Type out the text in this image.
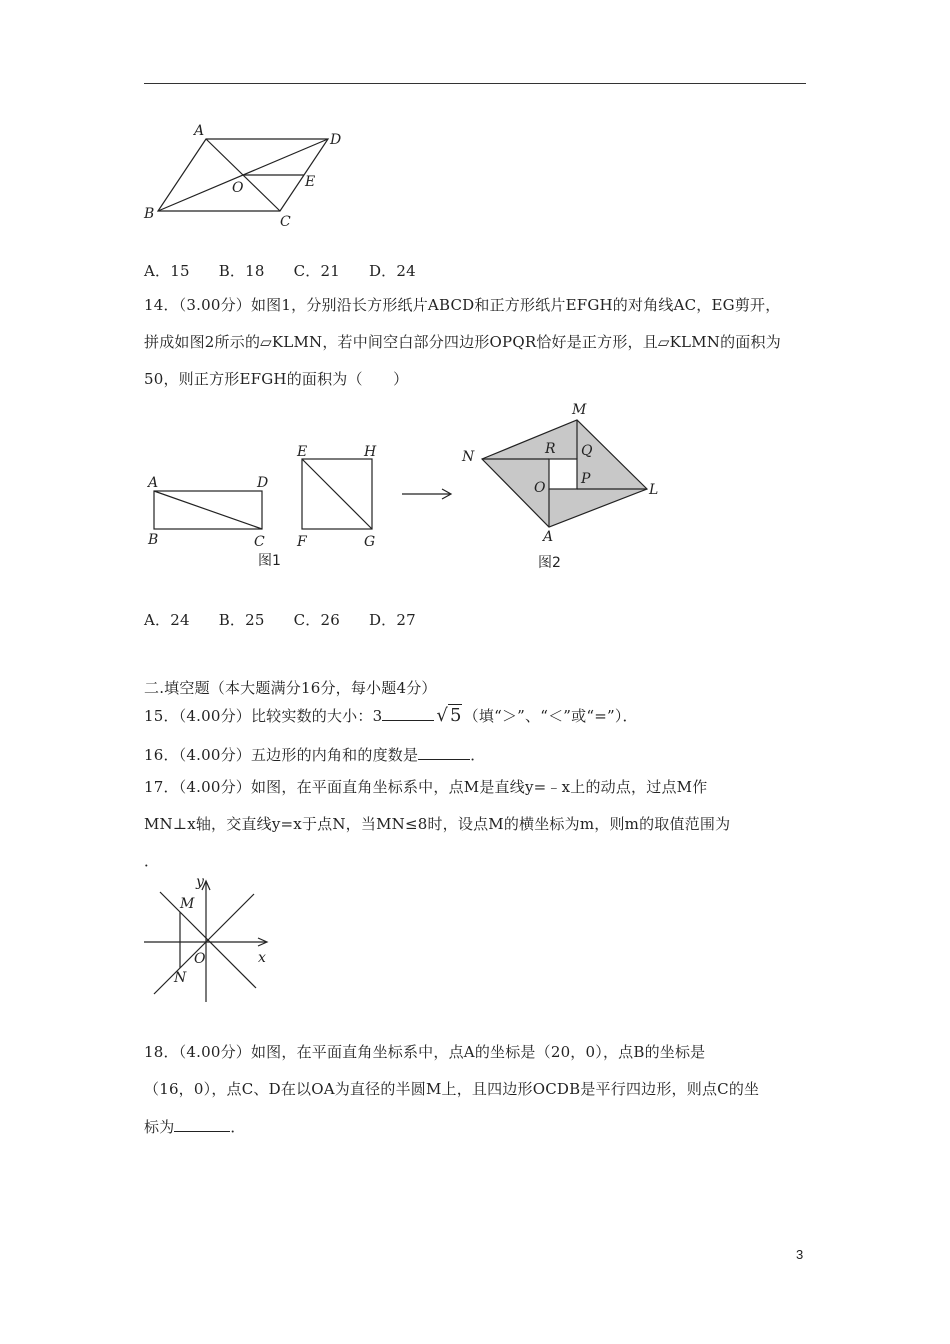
A
D
O	E
B	C
A．15 B．18 C．21 D．24
14．（3.00分）如图1，分别沿长方形纸片ABCD和正方形纸片EFGH的对角线AC，EG剪开，
拼成如图2所示的▱KLMN，若中间空白部分四边形OPQR恰好是正方形，且▱KLMN的面积为
50，则正方形EFGH的面积为（　　）
A	D
B	C
E	H
F	G
M
N	R Q
O
P
L
A
图1	图2
A．24 B．25 C．26 D．27
二.填空题（本大题满分16分，每小题4分）
15．（4.00分）比较实数的大小：3	√ 5 （填“＞”、“＜”或“=”）．
16．（4.00分）五边形的内角和的度数是	．
17．（4.00分）如图，在平面直角坐标系中，点M是直线y=﹣x上的动点，过点M作
MN⊥x轴，交直线y=x于点N，当MN≤8时，设点M的横坐标为m，则m的取值范围为
．
y
x
M
O
N
18．（4.00分）如图，在平面直角坐标系中，点A的坐标是（20，0），点B的坐标是
（16，0），点C、D在以OA为直径的半圆M上，且四边形OCDB是平行四边形，则点C的坐
标为	．
3
